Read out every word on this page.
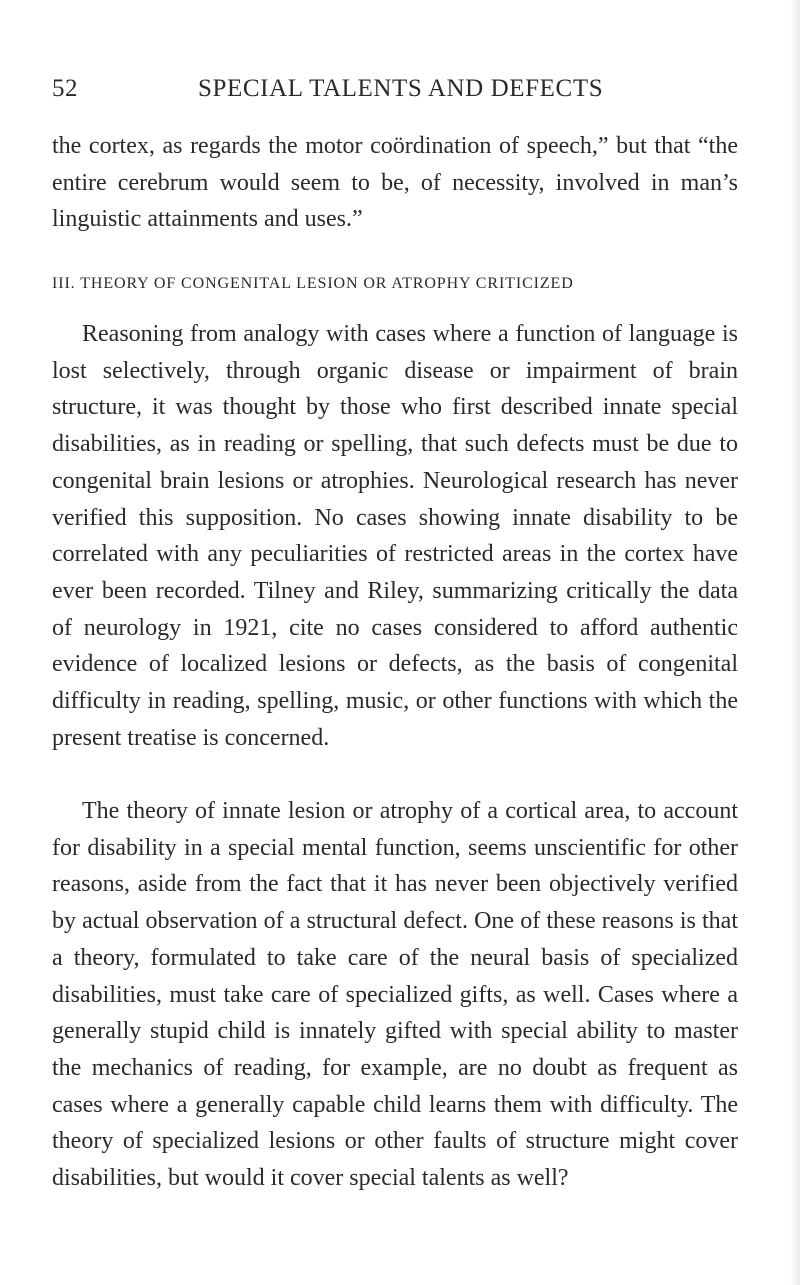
52	SPECIAL TALENTS AND DEFECTS

the cortex, as regards the motor coördination of speech,” but that “the entire cerebrum would seem to be, of necessity, involved in man’s linguistic attainments and uses.”

III. THEORY OF CONGENITAL LESION OR ATROPHY CRITICIZED

Reasoning from analogy with cases where a function of language is lost selectively, through organic disease or impairment of brain structure, it was thought by those who first described innate special disabilities, as in reading or spelling, that such defects must be due to congenital brain lesions or atrophies. Neurological research has never verified this supposition. No cases showing innate disability to be correlated with any peculiarities of restricted areas in the cortex have ever been recorded. Tilney and Riley, summarizing critically the data of neurology in 1921, cite no cases considered to afford authentic evidence of localized lesions or defects, as the basis of congenital difficulty in reading, spelling, music, or other functions with which the present treatise is concerned.

The theory of innate lesion or atrophy of a cortical area, to account for disability in a special mental function, seems unscientific for other reasons, aside from the fact that it has never been objectively verified by actual observation of a structural defect. One of these reasons is that a theory, formulated to take care of the neural basis of specialized disabilities, must take care of specialized gifts, as well. Cases where a generally stupid child is innately gifted with special ability to master the mechanics of reading, for example, are no doubt as frequent as cases where a generally capable child learns them with difficulty. The theory of specialized lesions or other faults of structure might cover disabilities, but would it cover special talents as well?
